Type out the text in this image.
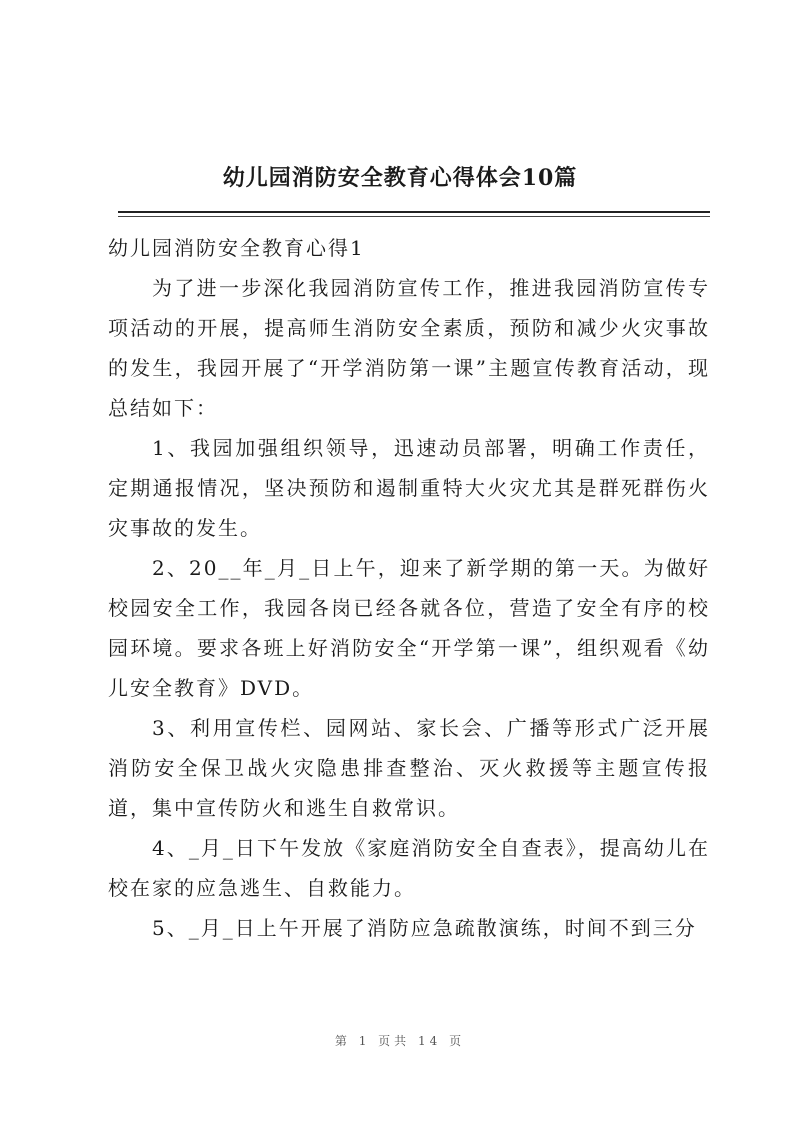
幼儿园消防安全教育心得体会10篇

幼儿园消防安全教育心得1

为了进一步深化我园消防宣传工作，推进我园消防宣传专项活动的开展，提高师生消防安全素质，预防和减少火灾事故的发生，我园开展了“开学消防第一课”主题宣传教育活动，现总结如下：

1、我园加强组织领导，迅速动员部署，明确工作责任，定期通报情况，坚决预防和遏制重特大火灾尤其是群死群伤火灾事故的发生。

2、20__年_月_日上午，迎来了新学期的第一天。为做好校园安全工作，我园各岗已经各就各位，营造了安全有序的校园环境。要求各班上好消防安全“开学第一课”，组织观看《幼儿安全教育》DVD。

3、利用宣传栏、园网站、家长会、广播等形式广泛开展消防安全保卫战火灾隐患排查整治、灭火救援等主题宣传报道，集中宣传防火和逃生自救常识。

4、_月_日下午发放《家庭消防安全自查表》，提高幼儿在校在家的应急逃生、自救能力。

5、_月_日上午开展了消防应急疏散演练，时间不到三分

第 1 页共 14 页
